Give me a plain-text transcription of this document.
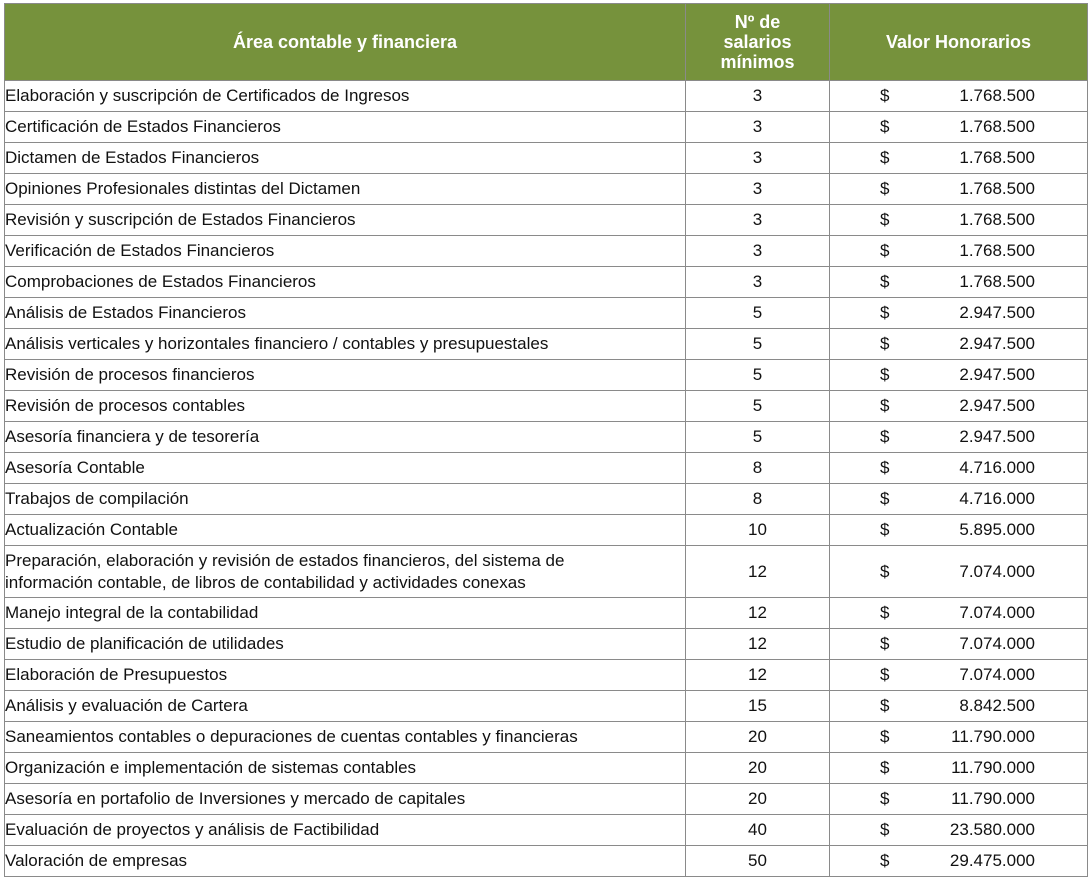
Área contable y financiera	Nº de
salarios
mínimos	Valor Honorarios
Elaboración y suscripción de Certificados de Ingresos	3	$ 1.768.500

Certificación de Estados Financieros	3	$ 1.768.500

Dictamen de Estados Financieros	3	$ 1.768.500

Opiniones Profesionales distintas del Dictamen	3	$ 1.768.500

Revisión y suscripción de Estados Financieros	3	$ 1.768.500

Verificación de Estados Financieros	3	$ 1.768.500

Comprobaciones de Estados Financieros	3	$ 1.768.500

Análisis de Estados Financieros	5	$ 2.947.500

Análisis verticales y horizontales financiero / contables y presupuestales	5	$ 2.947.500

Revisión de procesos financieros	5	$ 2.947.500

Revisión de procesos contables	5	$ 2.947.500

Asesoría financiera y de tesorería	5	$ 2.947.500

Asesoría Contable	8	$ 4.716.000

Trabajos de compilación	8	$ 4.716.000

Actualización Contable	10	$ 5.895.000

Preparación, elaboración y revisión de estados financieros, del sistema de
información contable, de libros de contabilidad y actividades conexas	12	$ 7.074.000

Manejo integral de la contabilidad	12	$ 7.074.000

Estudio de planificación de utilidades	12	$ 7.074.000

Elaboración de Presupuestos	12	$ 7.074.000

Análisis y evaluación de Cartera	15	$ 8.842.500

Saneamientos contables o depuraciones de cuentas contables y financieras	20	$ 11.790.000

Organización e implementación de sistemas contables	20	$ 11.790.000

Asesoría en portafolio de Inversiones y mercado de capitales	20	$ 11.790.000

Evaluación de proyectos y análisis de Factibilidad	40	$ 23.580.000

Valoración de empresas	50	$ 29.475.000
